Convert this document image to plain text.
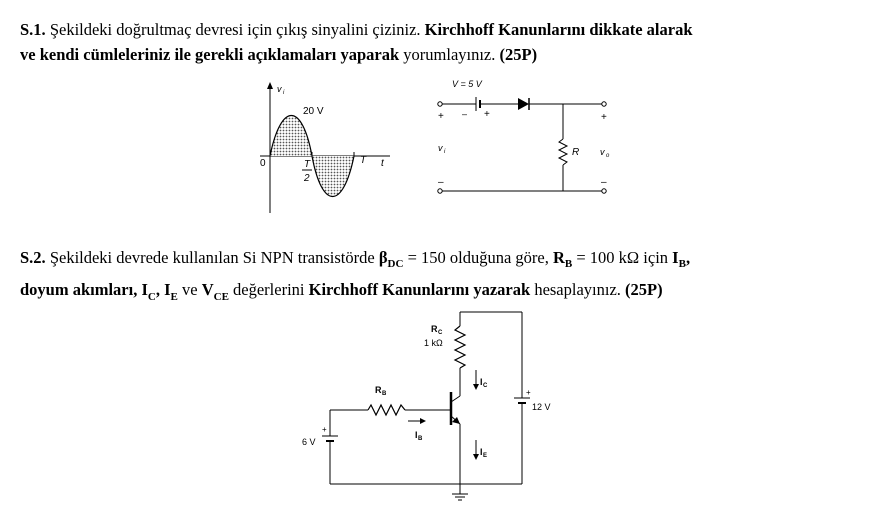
S.1. Şekildeki doğrultmaç devresi için çıkış sinyalini çiziniz. Kirchhoff Kanunlarını dikkate alarak
ve kendi cümleleriniz ile gerekli açıklamaları yaparak yorumlayınız. (25P)
v i
20 V
0	T
2
T t
V = 5 V
+ – +
v i
–
R v o
+
–
S.2. Şekildeki devrede kullanılan Si NPN transistörde $\beta_{DC} = 150$ olduğuna göre, $R_B = 100$ kΩ için $I_B$,
doyum akımları, $I_C$, $I_E$ ve $V_{CE}$ değerlerini Kirchhoff Kanunlarını yazarak hesaplayınız. (25P)
R C
1 kΩ
I C
R B
I B
I E
6 V
+
12 V
+
